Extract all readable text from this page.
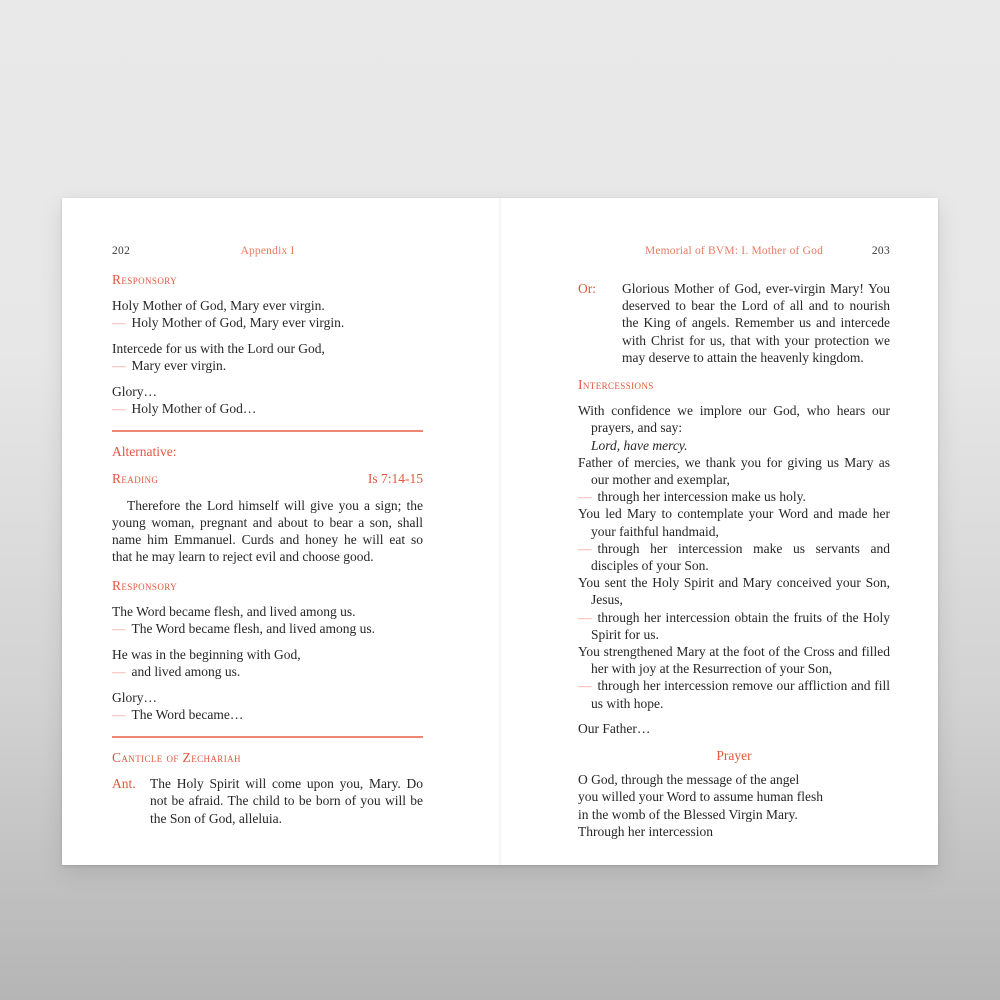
202	Appendix I
Responsory
Holy Mother of God, Mary ever virgin.
— Holy Mother of God, Mary ever virgin.
Intercede for us with the Lord our God,
— Mary ever virgin.
Glory…
— Holy Mother of God…
Alternative:
Reading	Is 7:14-15
Therefore the Lord himself will give you a sign; the young woman, pregnant and about to bear a son, shall name him Emmanuel. Curds and honey he will eat so that he may learn to reject evil and choose good.
Responsory
The Word became flesh, and lived among us.
— The Word became flesh, and lived among us.
He was in the beginning with God,
— and lived among us.
Glory…
— The Word became…
Canticle of Zechariah
Ant.	The Holy Spirit will come upon you, Mary. Do not be afraid. The child to be born of you will be the Son of God, alleluia.
203
Memorial of BVM: I. Mother of God
Or:	Glorious Mother of God, ever-virgin Mary! You deserved to bear the Lord of all and to nourish the King of angels. Remember us and intercede with Christ for us, that with your protection we may deserve to attain the heavenly kingdom.
Intercessions
With confidence we implore our God, who hears our prayers, and say:
Lord, have mercy.
Father of mercies, we thank you for giving us Mary as our mother and exemplar,
— through her intercession make us holy.
You led Mary to contemplate your Word and made her your faithful handmaid,
— through her intercession make us servants and disciples of your Son.
You sent the Holy Spirit and Mary conceived your Son, Jesus,
— through her intercession obtain the fruits of the Holy Spirit for us.
You strengthened Mary at the foot of the Cross and filled her with joy at the Resurrection of your Son,
— through her intercession remove our affliction and fill us with hope.
Our Father…
Prayer
O God, through the message of the angel
you willed your Word to assume human flesh
in the womb of the Blessed Virgin Mary.
Through her intercession
